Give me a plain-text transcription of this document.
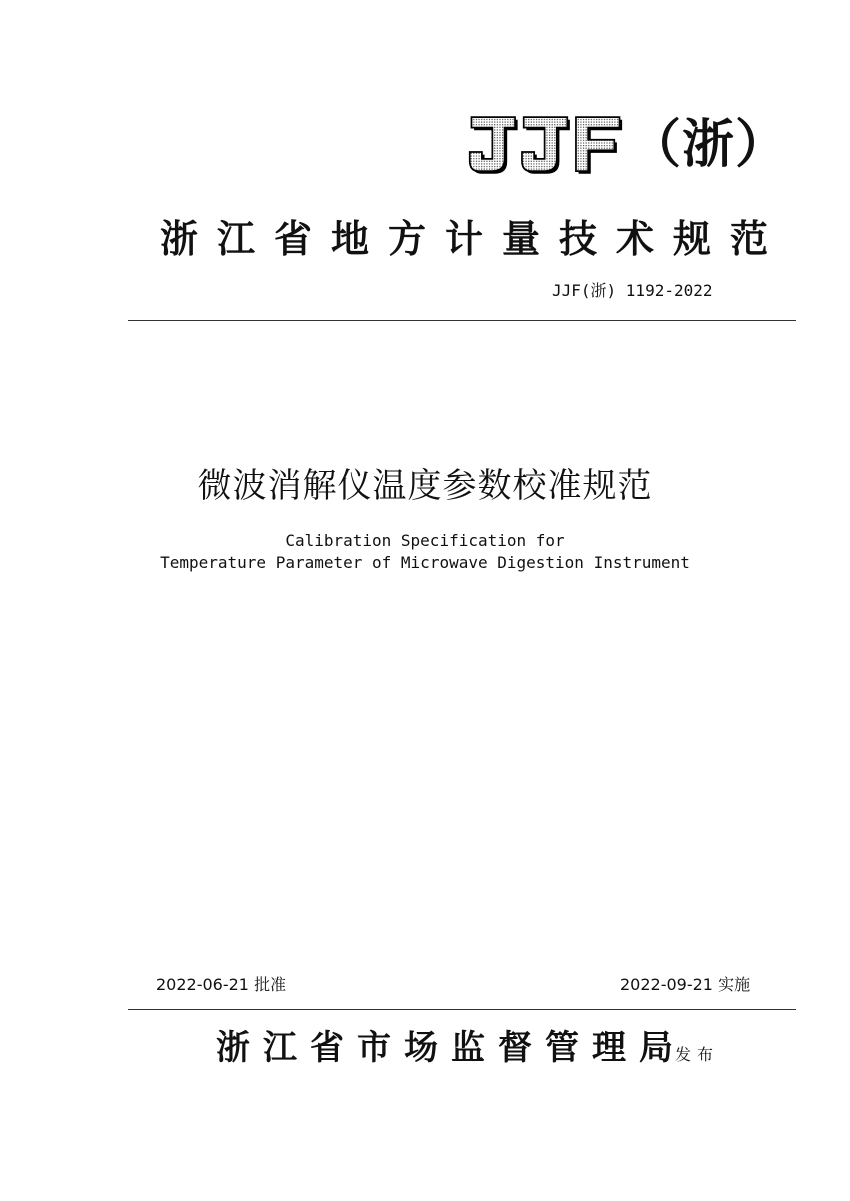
（浙）
浙江省地方计量技术规范
JJF(浙) 1192-2022
微波消解仪温度参数校准规范
Calibration Specification for
Temperature Parameter of Microwave Digestion Instrument
2022-06-21 批准	2022-09-21 实施
浙江省市场监督管理局
发布
